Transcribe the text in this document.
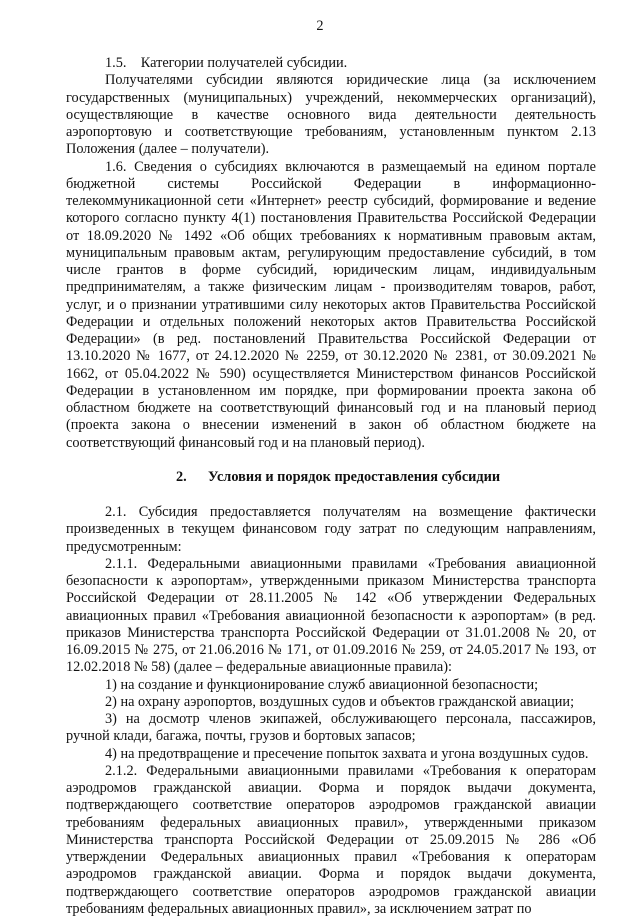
2

1.5.    Категории получателей субсидии.

Получателями субсидии являются юридические лица (за исключением государственных (муниципальных) учреждений, некоммерческих организаций), осуществляющие в качестве основного вида деятельности деятельность аэропортовую и соответствующие требованиям, установленным пунктом 2.13 Положения (далее – получатели).

1.6. Сведения о субсидиях включаются в размещаемый на едином портале бюджетной системы Российской Федерации в информационно-телекоммуникационной сети «Интернет» реестр субсидий, формирование и ведение которого согласно пункту 4(1) постановления Правительства Российской Федерации от 18.09.2020 № 1492 «Об общих требованиях к нормативным правовым актам, муниципальным правовым актам, регулирующим предоставление субсидий, в том числе грантов в форме субсидий, юридическим лицам, индивидуальным предпринимателям, а также физическим лицам - производителям товаров, работ, услуг, и о признании утратившими силу некоторых актов Правительства Российской Федерации и отдельных положений некоторых актов Правительства Российской Федерации» (в ред. постановлений Правительства Российской Федерации от 13.10.2020 № 1677, от 24.12.2020 № 2259, от 30.12.2020 № 2381, от 30.09.2021 № 1662, от 05.04.2022 № 590) осуществляется Министерством финансов Российской Федерации в установленном им порядке, при формировании проекта закона об областном бюджете на соответствующий финансовый год и на плановый период (проекта закона о внесении изменений в закон об областном бюджете на соответствующий финансовый год и на плановый период).

2. Условия и порядок предоставления субсидии

2.1. Субсидия предоставляется получателям на возмещение фактически произведенных в текущем финансовом году затрат по следующим направлениям, предусмотренным:

2.1.1. Федеральными авиационными правилами «Требования авиационной безопасности к аэропортам», утвержденными приказом Министерства транспорта Российской Федерации от 28.11.2005 № 142 «Об утверждении Федеральных авиационных правил «Требования авиационной безопасности к аэропортам» (в ред. приказов Министерства транспорта Российской Федерации от 31.01.2008 № 20, от 16.09.2015 № 275, от 21.06.2016 № 171, от 01.09.2016 № 259, от 24.05.2017 № 193, от 12.02.2018 № 58) (далее – федеральные авиационные правила):

1) на создание и функционирование служб авиационной безопасности;

2) на охрану аэропортов, воздушных судов и объектов гражданской авиации;

3) на досмотр членов экипажей, обслуживающего персонала, пассажиров, ручной клади, багажа, почты, грузов и бортовых запасов;

4) на предотвращение и пресечение попыток захвата и угона воздушных судов.

2.1.2. Федеральными авиационными правилами «Требования к операторам аэродромов гражданской авиации. Форма и порядок выдачи документа, подтверждающего соответствие операторов аэродромов гражданской авиации требованиям федеральных авиационных правил», утвержденными приказом Министерства транспорта Российской Федерации от 25.09.2015 № 286 «Об утверждении Федеральных авиационных правил «Требования к операторам аэродромов гражданской авиации. Форма и порядок выдачи документа, подтверждающего соответствие операторов аэродромов гражданской авиации требованиям федеральных авиационных правил», за исключением затрат по
